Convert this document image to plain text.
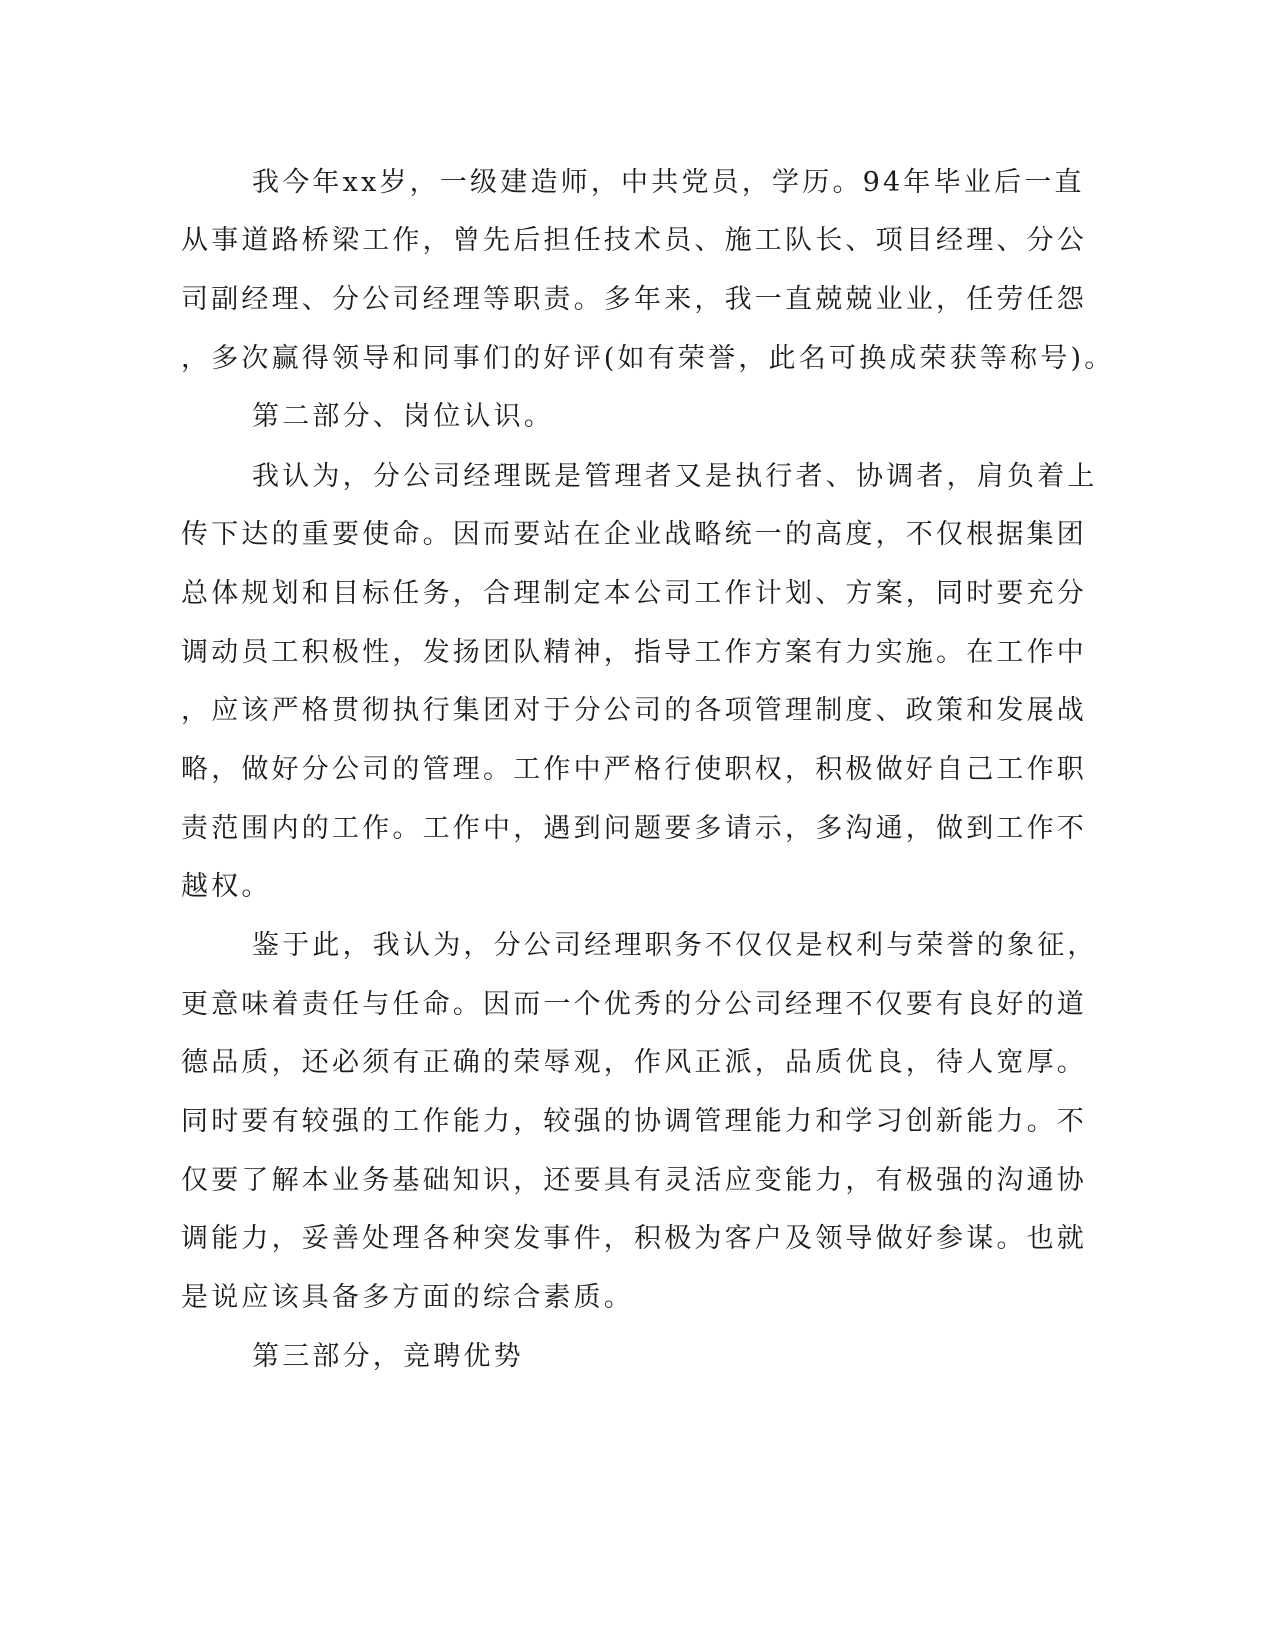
我今年xx岁，一级建造师，中共党员，学历。94年毕业后一直
从事道路桥梁工作，曾先后担任技术员、施工队长、项目经理、分公
司副经理、分公司经理等职责。多年来，我一直兢兢业业，任劳任怨
，多次赢得领导和同事们的好评(如有荣誉，此名可换成荣获等称号)。
第二部分、岗位认识。
我认为，分公司经理既是管理者又是执行者、协调者，肩负着上
传下达的重要使命。因而要站在企业战略统一的高度，不仅根据集团
总体规划和目标任务，合理制定本公司工作计划、方案，同时要充分
调动员工积极性，发扬团队精神，指导工作方案有力实施。在工作中
，应该严格贯彻执行集团对于分公司的各项管理制度、政策和发展战
略，做好分公司的管理。工作中严格行使职权，积极做好自己工作职
责范围内的工作。工作中，遇到问题要多请示，多沟通，做到工作不
越权。
鉴于此，我认为，分公司经理职务不仅仅是权利与荣誉的象征，
更意味着责任与任命。因而一个优秀的分公司经理不仅要有良好的道
德品质，还必须有正确的荣辱观，作风正派，品质优良，待人宽厚。
同时要有较强的工作能力，较强的协调管理能力和学习创新能力。不
仅要了解本业务基础知识，还要具有灵活应变能力，有极强的沟通协
调能力，妥善处理各种突发事件，积极为客户及领导做好参谋。也就
是说应该具备多方面的综合素质。
第三部分，竞聘优势
